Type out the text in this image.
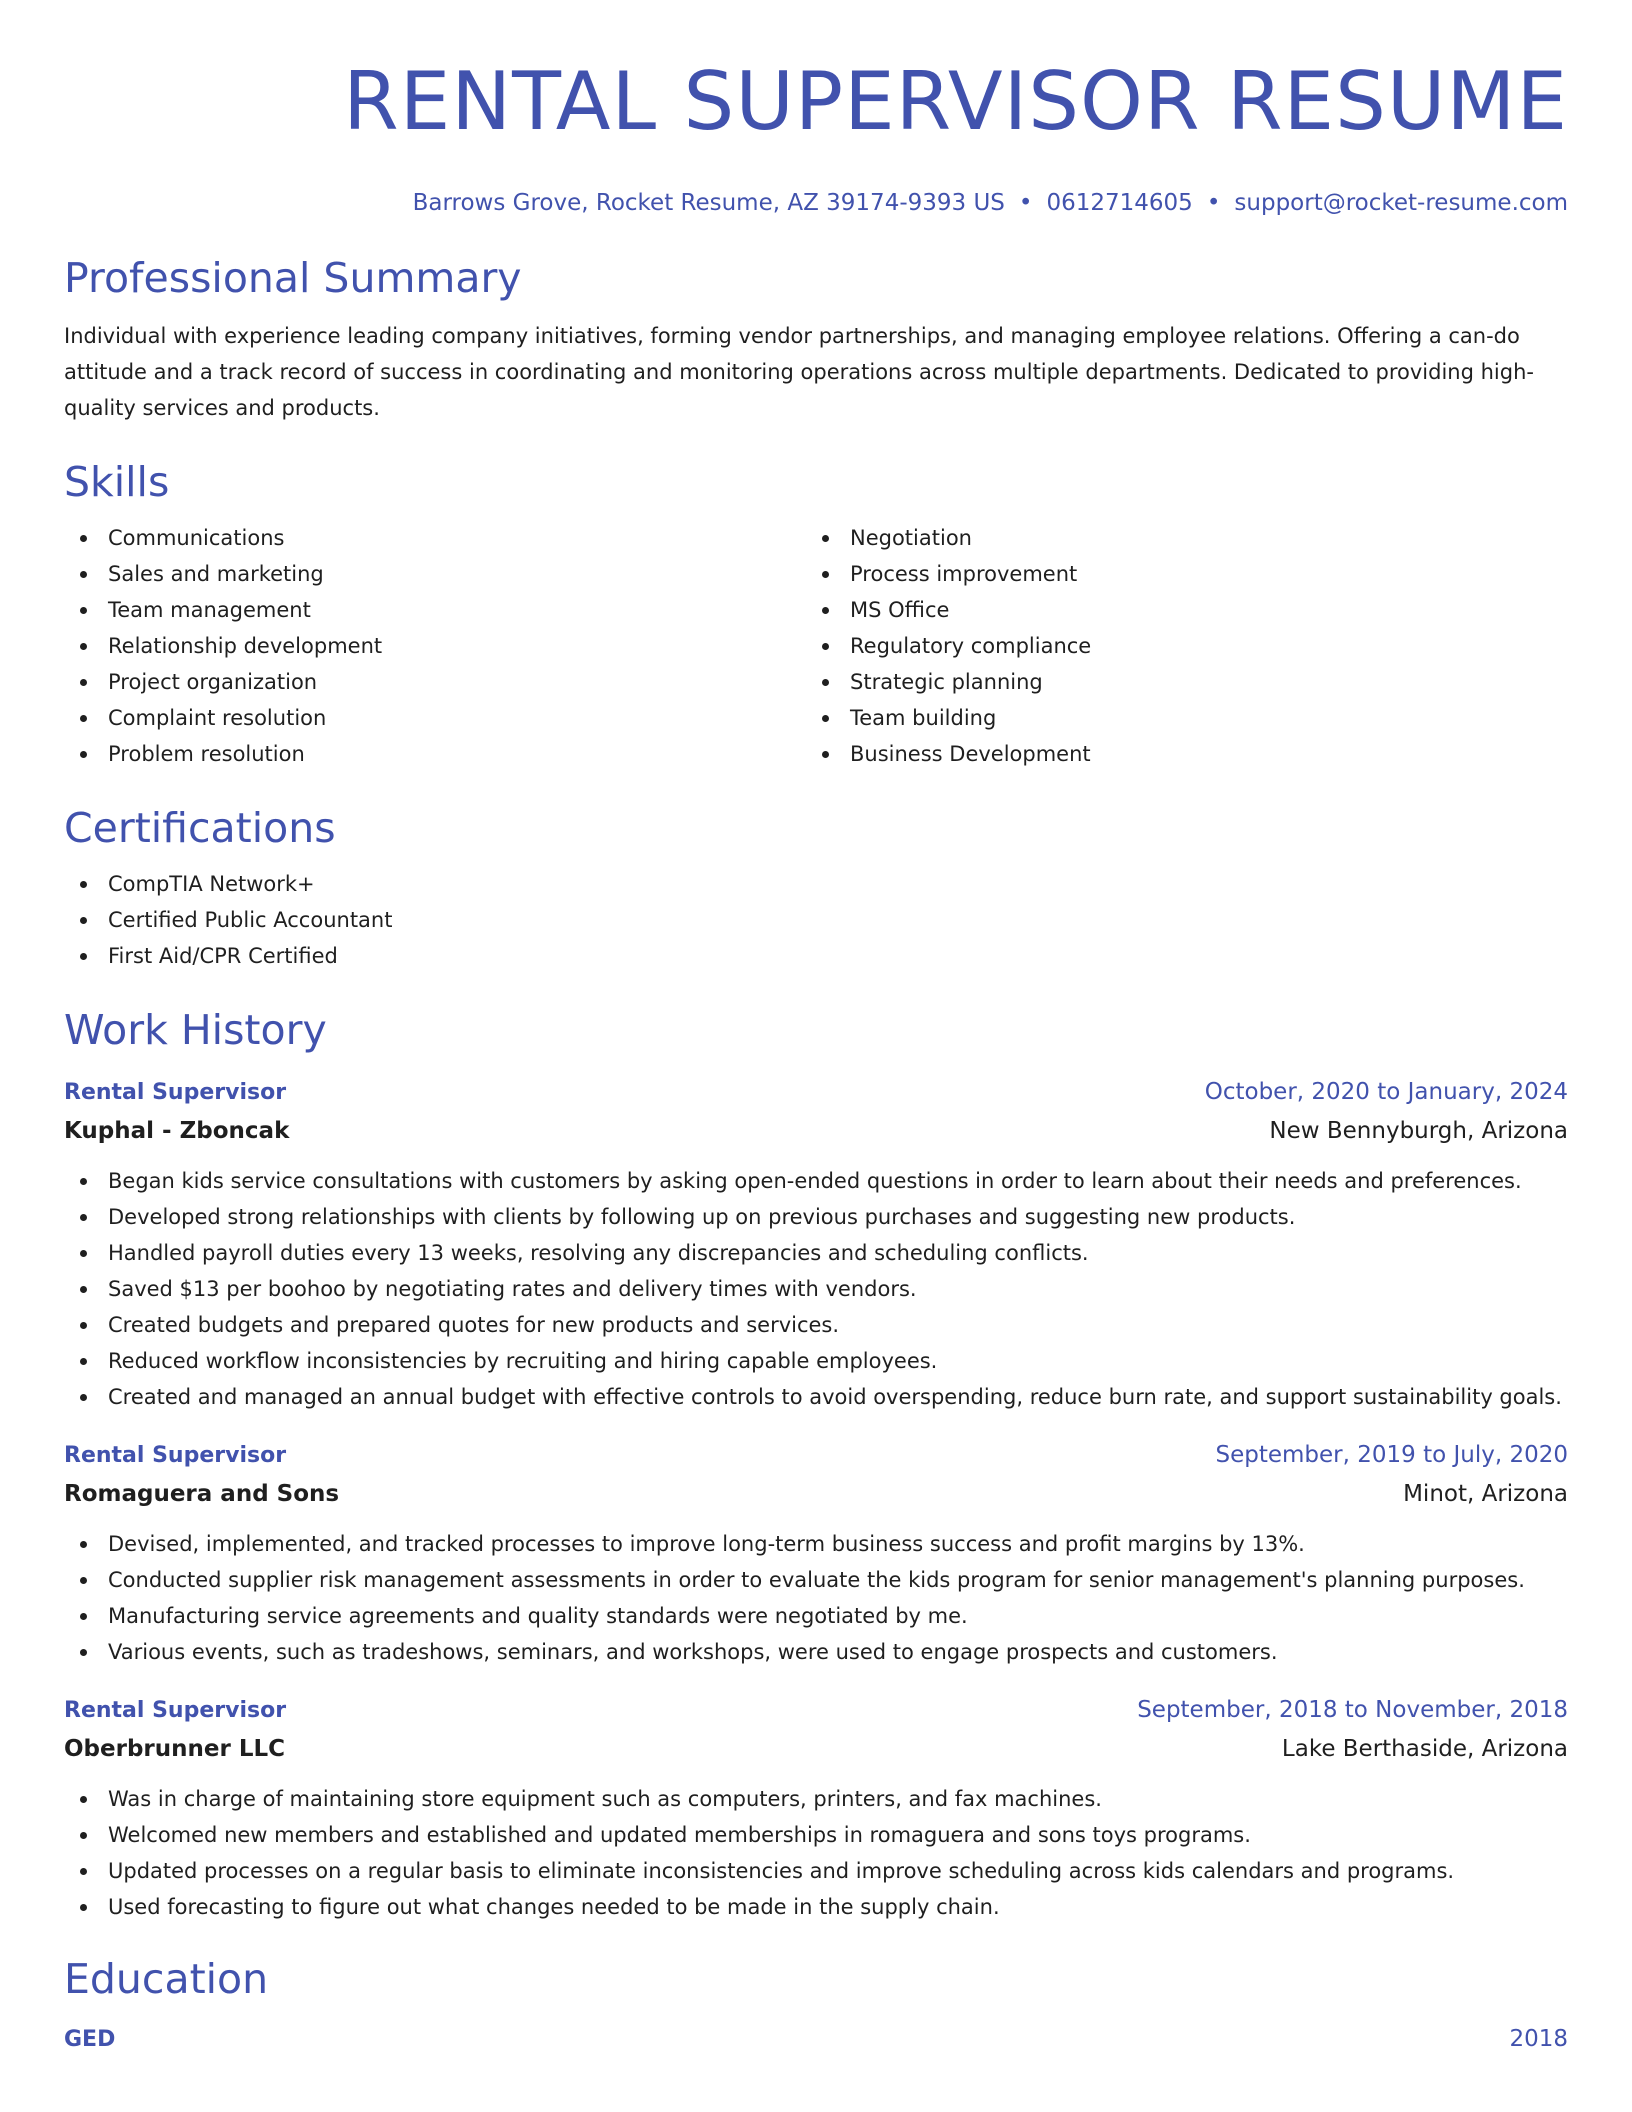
RENTAL SUPERVISOR RESUME
Barrows Grove, Rocket Resume, AZ 39174-9393 US • 0612714605 • support@rocket-resume.com
Professional Summary

Individual with experience leading company initiatives, forming vendor partnerships, and managing employee relations. Offering a can-do attitude and a track record of success in coordinating and monitoring operations across multiple departments. Dedicated to providing high-quality services and products.

Skills
Communications
Sales and marketing
Team management
Relationship development
Project organization
Complaint resolution
Problem resolution
Negotiation
Process improvement
MS Office
Regulatory compliance
Strategic planning
Team building
Business Development
Certifications
CompTIA Network+
Certified Public Accountant
First Aid/CPR Certified
Work History
Rental Supervisor	October, 2020 to January, 2024
Kuphal - Zboncak	New Bennyburgh, Arizona
Began kids service consultations with customers by asking open-ended questions in order to learn about their needs and preferences.
Developed strong relationships with clients by following up on previous purchases and suggesting new products.
Handled payroll duties every 13 weeks, resolving any discrepancies and scheduling conflicts.
Saved $13 per boohoo by negotiating rates and delivery times with vendors.
Created budgets and prepared quotes for new products and services.
Reduced workflow inconsistencies by recruiting and hiring capable employees.
Created and managed an annual budget with effective controls to avoid overspending, reduce burn rate, and support sustainability goals.
Rental Supervisor	September, 2019 to July, 2020
Romaguera and Sons	Minot, Arizona
Devised, implemented, and tracked processes to improve long-term business success and profit margins by 13%.
Conducted supplier risk management assessments in order to evaluate the kids program for senior management's planning purposes.
Manufacturing service agreements and quality standards were negotiated by me.
Various events, such as tradeshows, seminars, and workshops, were used to engage prospects and customers.
Rental Supervisor	September, 2018 to November, 2018
Oberbrunner LLC	Lake Berthaside, Arizona
Was in charge of maintaining store equipment such as computers, printers, and fax machines.
Welcomed new members and established and updated memberships in romaguera and sons toys programs.
Updated processes on a regular basis to eliminate inconsistencies and improve scheduling across kids calendars and programs.
Used forecasting to figure out what changes needed to be made in the supply chain.
Education
GED	2018
